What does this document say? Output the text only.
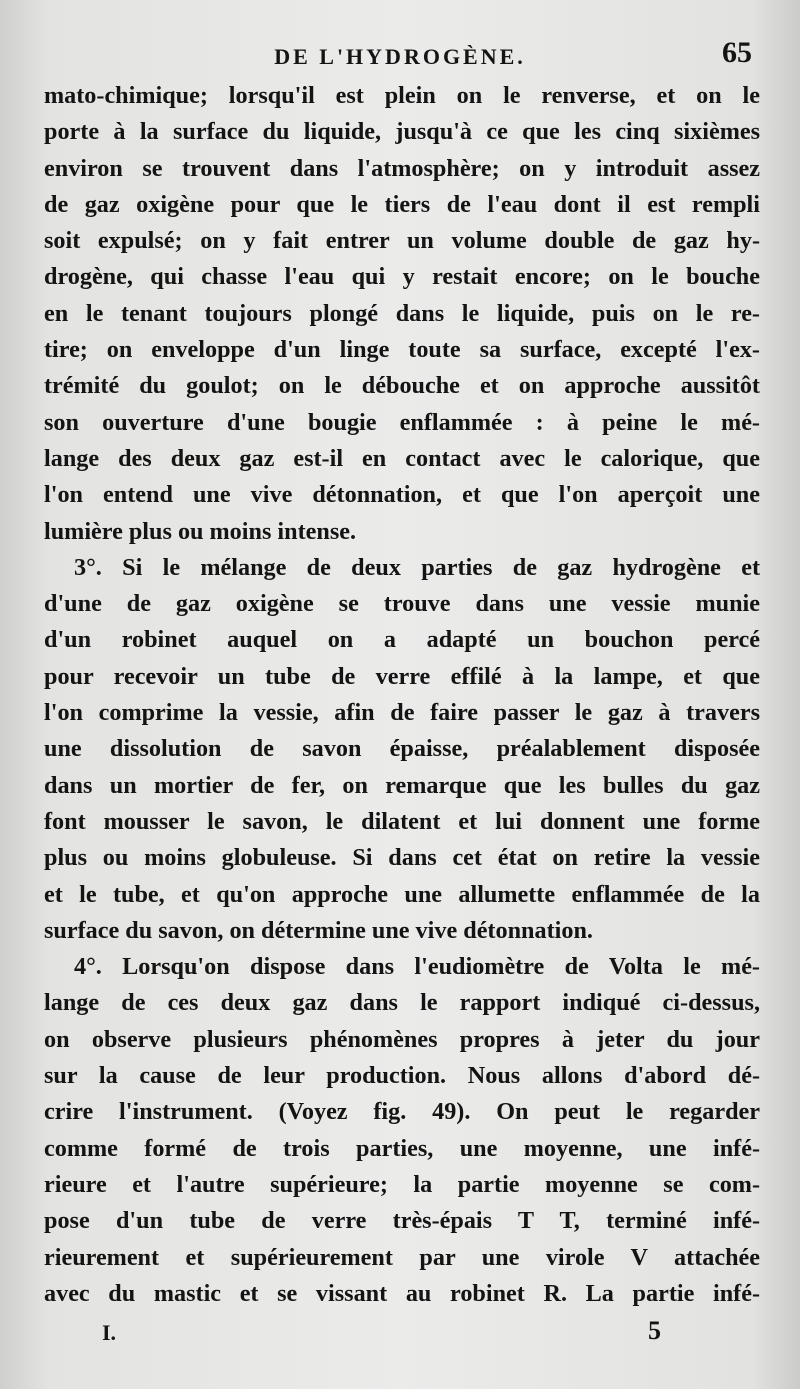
DE L'HYDROGÈNE.	65
mato-chimique; lorsqu'il est plein on le renverse, et on le
porte à la surface du liquide, jusqu'à ce que les cinq sixièmes
environ se trouvent dans l'atmosphère; on y introduit assez
de gaz oxigène pour que le tiers de l'eau dont il est rempli
soit expulsé; on y fait entrer un volume double de gaz hy-
drogène, qui chasse l'eau qui y restait encore; on le bouche
en le tenant toujours plongé dans le liquide, puis on le re-
tire; on enveloppe d'un linge toute sa surface, excepté l'ex-
trémité du goulot; on le débouche et on approche aussitôt
son ouverture d'une bougie enflammée : à peine le mé-
lange des deux gaz est-il en contact avec le calorique, que
l'on entend une vive détonnation, et que l'on aperçoit une
lumière plus ou moins intense.
3°. Si le mélange de deux parties de gaz hydrogène et
d'une de gaz oxigène se trouve dans une vessie munie
d'un robinet auquel on a adapté un bouchon percé
pour recevoir un tube de verre effilé à la lampe, et que
l'on comprime la vessie, afin de faire passer le gaz à travers
une dissolution de savon épaisse, préalablement disposée
dans un mortier de fer, on remarque que les bulles du gaz
font mousser le savon, le dilatent et lui donnent une forme
plus ou moins globuleuse. Si dans cet état on retire la vessie
et le tube, et qu'on approche une allumette enflammée de la
surface du savon, on détermine une vive détonnation.
4°. Lorsqu'on dispose dans l'eudiomètre de Volta le mé-
lange de ces deux gaz dans le rapport indiqué ci-dessus,
on observe plusieurs phénomènes propres à jeter du jour
sur la cause de leur production. Nous allons d'abord dé-
crire l'instrument. (Voyez fig. 49). On peut le regarder
comme formé de trois parties, une moyenne, une infé-
rieure et l'autre supérieure; la partie moyenne se com-
pose d'un tube de verre très-épais T T, terminé infé-
rieurement et supérieurement par une virole V attachée
avec du mastic et se vissant au robinet R. La partie infé-
I.	5
